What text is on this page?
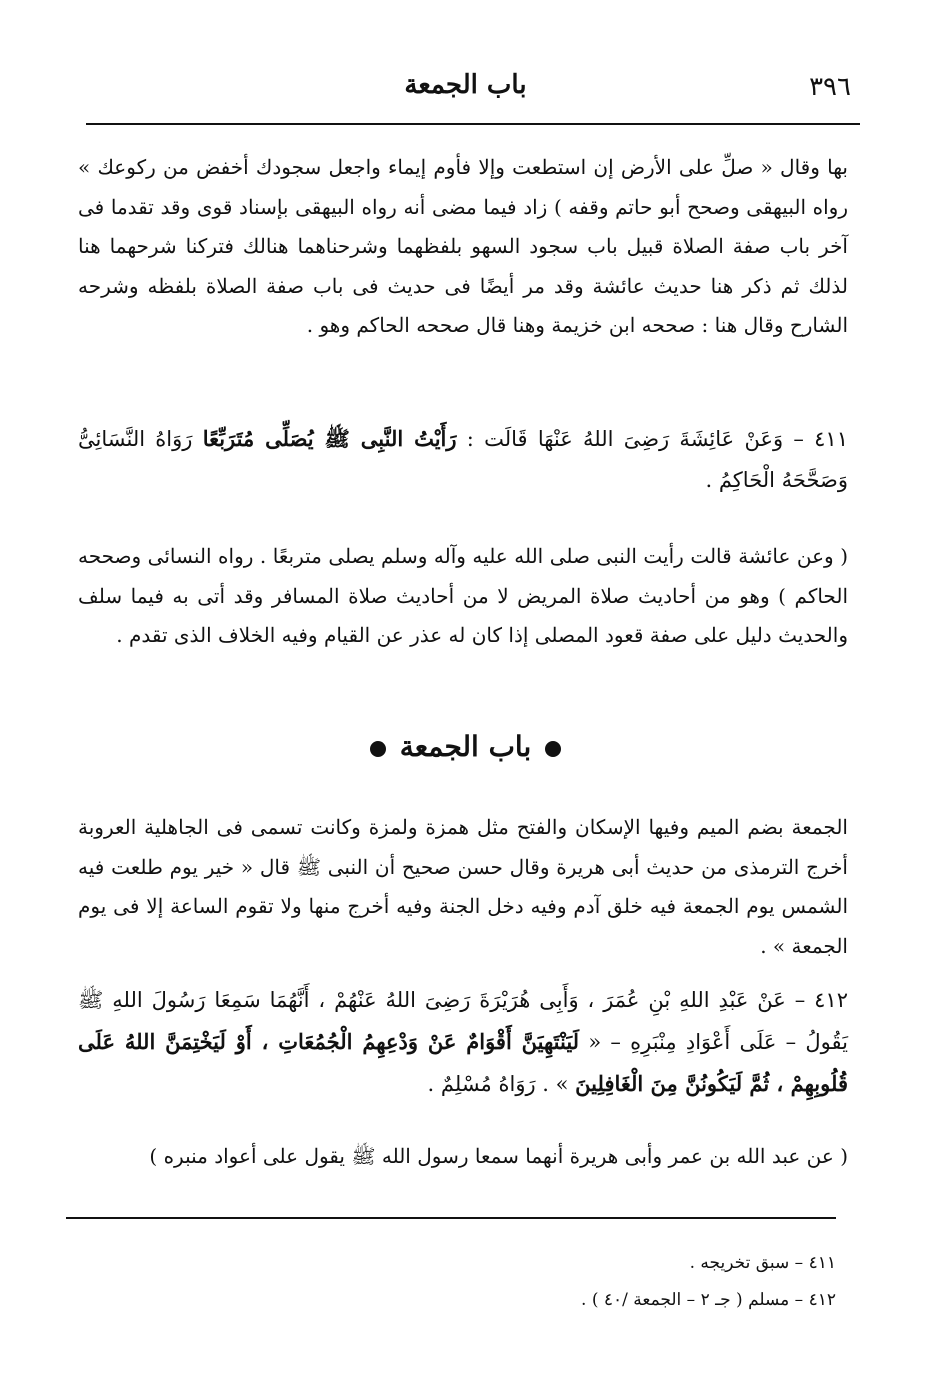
٣٩٦
باب الجمعة
بها وقال « صلِّ على الأرض إن استطعت وإلا فأوم إيماء واجعل سجودك أخفض من ركوعك » رواه البيهقى وصحح أبو حاتم وقفه ) زاد فيما مضى أنه رواه البيهقى بإسناد قوى وقد تقدما فى آخر باب صفة الصلاة قبيل باب سجود السهو بلفظهما وشرحناهما هنالك فتركنا شرحهما هنا لذلك ثم ذكر هنا حديث عائشة وقد مر أيضًا فى حديث فى باب صفة الصلاة بلفظه وشرحه الشارح وقال هنا : صححه ابن خزيمة وهنا قال صححه الحاكم وهو .
٤١١ – وَعَنْ عَائِشَةَ رَضِىَ اللهُ عَنْهَا قَالَت : رَأَيْتُ النَّبِى ﷺ يُصَلِّى مُتَرَبِّعًا رَوَاهُ النَّسَائِىُّ وَصَحَّحَهُ الْحَاكِمُ .
( وعن عائشة قالت رأيت النبى صلى الله عليه وآله وسلم يصلى متربعًا . رواه النسائى وصححه الحاكم ) وهو من أحاديث صلاة المريض لا من أحاديث صلاة المسافر وقد أتى به فيما سلف والحديث دليل على صفة قعود المصلى إذا كان له عذر عن القيام وفيه الخلاف الذى تقدم .
باب الجمعة
الجمعة بضم الميم وفيها الإسكان والفتح مثل همزة ولمزة وكانت تسمى فى الجاهلية العروبة أخرج الترمذى من حديث أبى هريرة وقال حسن صحيح أن النبى ﷺ قال « خير يوم طلعت فيه الشمس يوم الجمعة فيه خلق آدم وفيه دخل الجنة وفيه أخرج منها ولا تقوم الساعة إلا فى يوم الجمعة » .
٤١٢ – عَنْ عَبْدِ اللهِ بْنِ عُمَرَ ، وَأَبِى هُرَيْرَةَ رَضِىَ اللهُ عَنْهُمْ ، أَنَّهُمَا سَمِعَا رَسُولَ اللهِ ﷺ يَقُولُ – عَلَى أَعْوَادِ مِنْبَرِهِ – « لَيَنْتَهِيَنَّ أَقْوَامٌ عَنْ وَدْعِهِمُ الْجُمُعَاتِ ، أَوْ لَيَخْتِمَنَّ اللهُ عَلَى قُلُوبِهِمْ ، ثُمَّ لَيَكُونُنَّ مِنَ الْغَافِلِينَ » . رَوَاهُ مُسْلِمٌ .
( عن عبد الله بن عمر وأبى هريرة أنهما سمعا رسول الله ﷺ يقول على أعواد منبره )
٤١١ – سبق تخريجه .
٤١٢ – مسلم ( جـ ٢ – الجمعة /٤٠ ) .
